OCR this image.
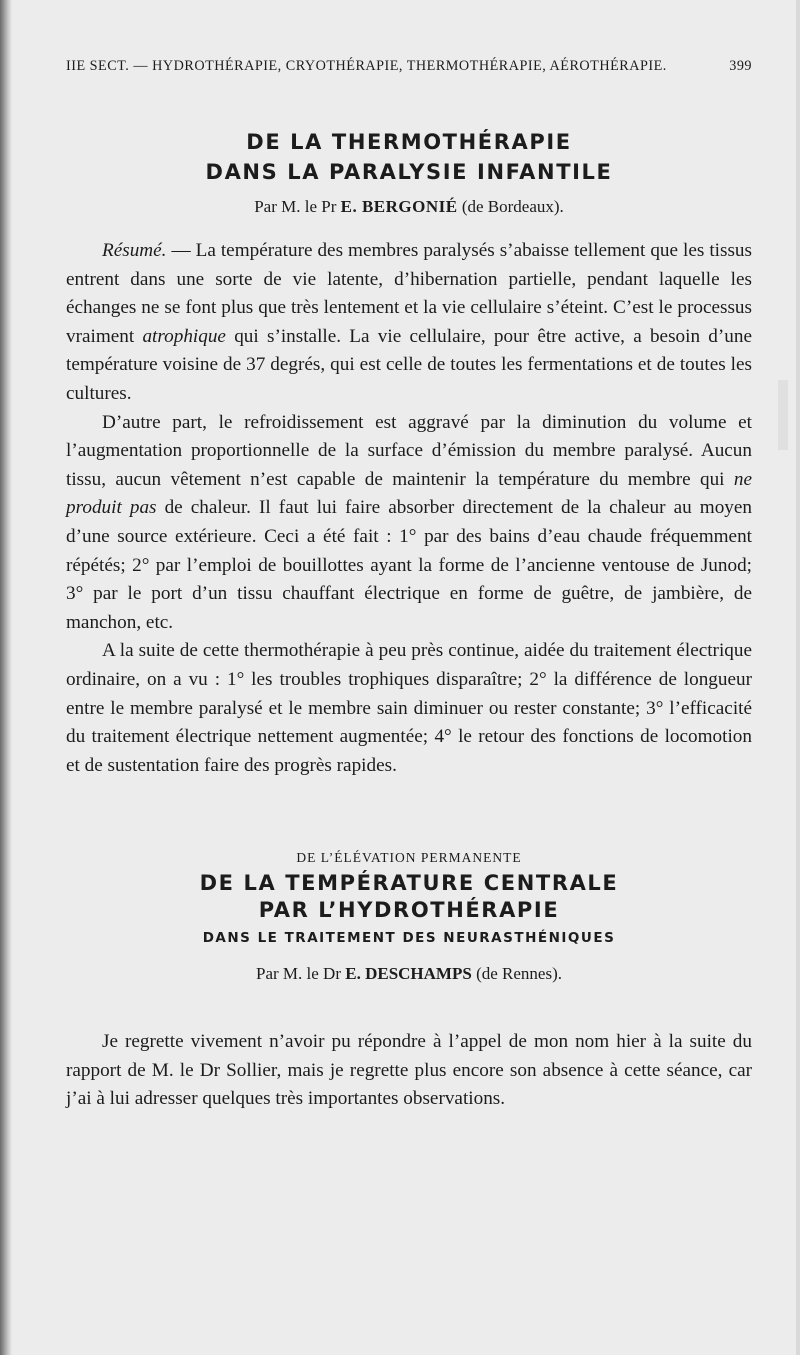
IIE SECT. — HYDROTHÉRAPIE, CRYOTHÉRAPIE, THERMOTHÉRAPIE, AÉROTHÉRAPIE.	399
DE LA THERMOTHÉRAPIE
DANS LA PARALYSIE INFANTILE
Par M. le Pr E. BERGONIÉ (de Bordeaux).

Résumé. — La température des membres paralysés s’abaisse tellement que les tissus entrent dans une sorte de vie latente, d’hibernation partielle, pendant laquelle les échanges ne se font plus que très lentement et la vie cellulaire s’éteint. C’est le processus vraiment atrophique qui s’installe. La vie cellulaire, pour être active, a besoin d’une température voisine de 37 degrés, qui est celle de toutes les fermentations et de toutes les cultures.

D’autre part, le refroidissement est aggravé par la diminution du volume et l’augmentation proportionnelle de la surface d’émission du membre paralysé. Aucun tissu, aucun vêtement n’est capable de maintenir la température du membre qui ne produit pas de chaleur. Il faut lui faire absorber directement de la chaleur au moyen d’une source extérieure. Ceci a été fait : 1° par des bains d’eau chaude fréquemment répétés; 2° par l’emploi de bouillottes ayant la forme de l’ancienne ventouse de Junod; 3° par le port d’un tissu chauffant électrique en forme de guêtre, de jambière, de manchon, etc.

A la suite de cette thermothérapie à peu près continue, aidée du traitement électrique ordinaire, on a vu : 1° les troubles trophiques disparaître; 2° la différence de longueur entre le membre paralysé et le membre sain diminuer ou rester constante; 3° l’efficacité du traitement électrique nettement augmentée; 4° le retour des fonctions de locomotion et de sustentation faire des progrès rapides.

DE L’ÉLÉVATION PERMANENTE
DE LA TEMPÉRATURE CENTRALE
PAR L’HYDROTHÉRAPIE
DANS LE TRAITEMENT DES NEURASTHÉNIQUES
Par M. le Dr E. DESCHAMPS (de Rennes).

Je regrette vivement n’avoir pu répondre à l’appel de mon nom hier à la suite du rapport de M. le Dr Sollier, mais je regrette plus encore son absence à cette séance, car j’ai à lui adresser quelques très importantes observations.
